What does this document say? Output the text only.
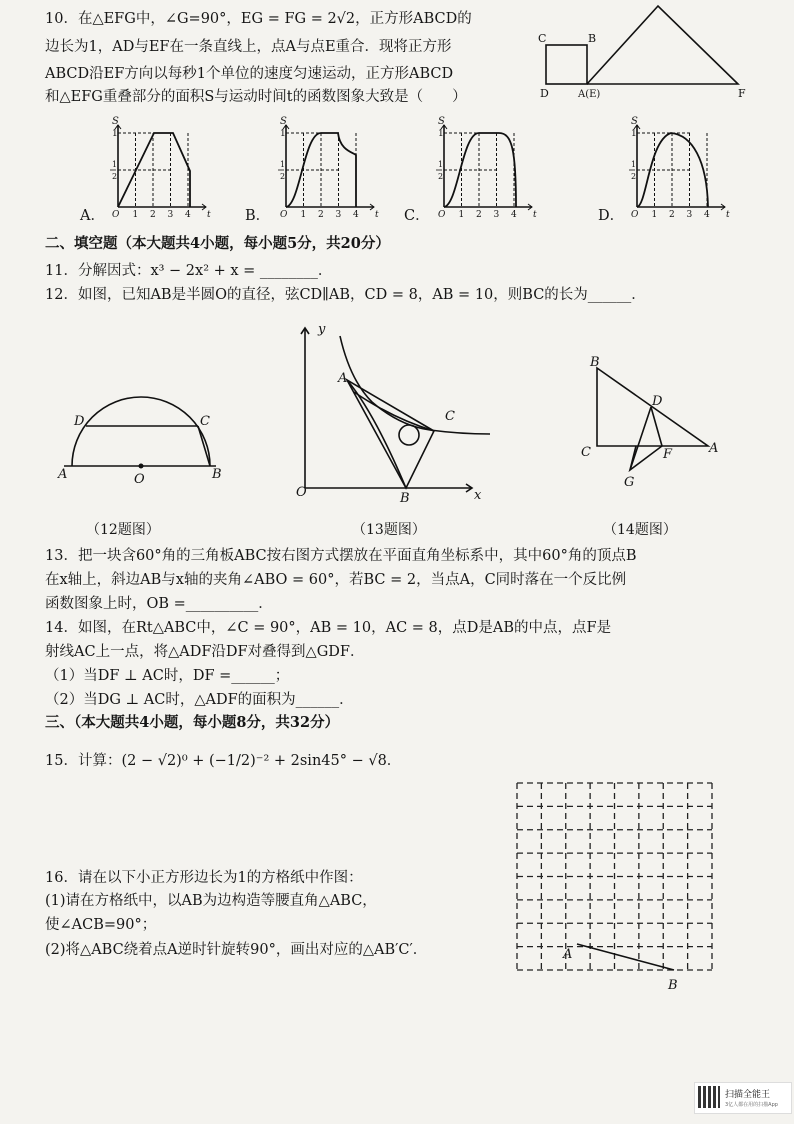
10．在△EFG中，∠G=90°，EG = FG = 2√2，正方形ABCD的
边长为1，AD与EF在一条直线上，点A与点E重合．现将正方形
ABCD沿EF方向以每秒1个单位的速度匀速运动，正方形ABCD
和△EFG重叠部分的面积S与运动时间t的函数图象大致是（　　）
C	B
D	A(E)	F
1 2 3 4
S
1
1
2
O	t	1 2 3 4
S
1
1
2
O	t	1 2 3 4
S
1
1
2
O	t	1 2 3 4
S
1
1
2
O	t
A．	B．	C．	D．
二、填空题（本大题共4小题，每小题5分，共20分）
11．分解因式：x³ − 2x² + x = ________．
12．如图，已知AB是半圆O的直径，弦CD∥AB，CD = 8，AB = 10，则BC的长为______．
D	C
A	O	B
（12题图）
y
x
A
C
O	B
（13题图）
B
D
C	F	A
G
（14题图）
13．把一块含60°角的三角板ABC按右图方式摆放在平面直角坐标系中，其中60°角的顶点B
在x轴上，斜边AB与x轴的夹角∠ABO = 60°，若BC = 2，当点A，C同时落在一个反比例
函数图象上时，OB =__________．
14．如图，在Rt△ABC中，∠C = 90°，AB = 10，AC = 8，点D是AB的中点，点F是
射线AC上一点，将△ADF沿DF对叠得到△GDF．
（1）当DF ⊥ AC时，DF =______；
（2）当DG ⊥ AC时，△ADF的面积为______．
三、（本大题共4小题，每小题8分，共32分）
15．计算：(2 − √2)⁰ + (−1/2)⁻² + 2sin45° − √8．
16．请在以下小正方形边长为1的方格纸中作图：
(1)请在方格纸中，以AB为边构造等腰直角△ABC，
使∠ACB=90°；
(2)将△ABC绕着点A逆时针旋转90°，画出对应的△AB′C′．	A
B
扫描全能王
3亿人都在用的扫描App
